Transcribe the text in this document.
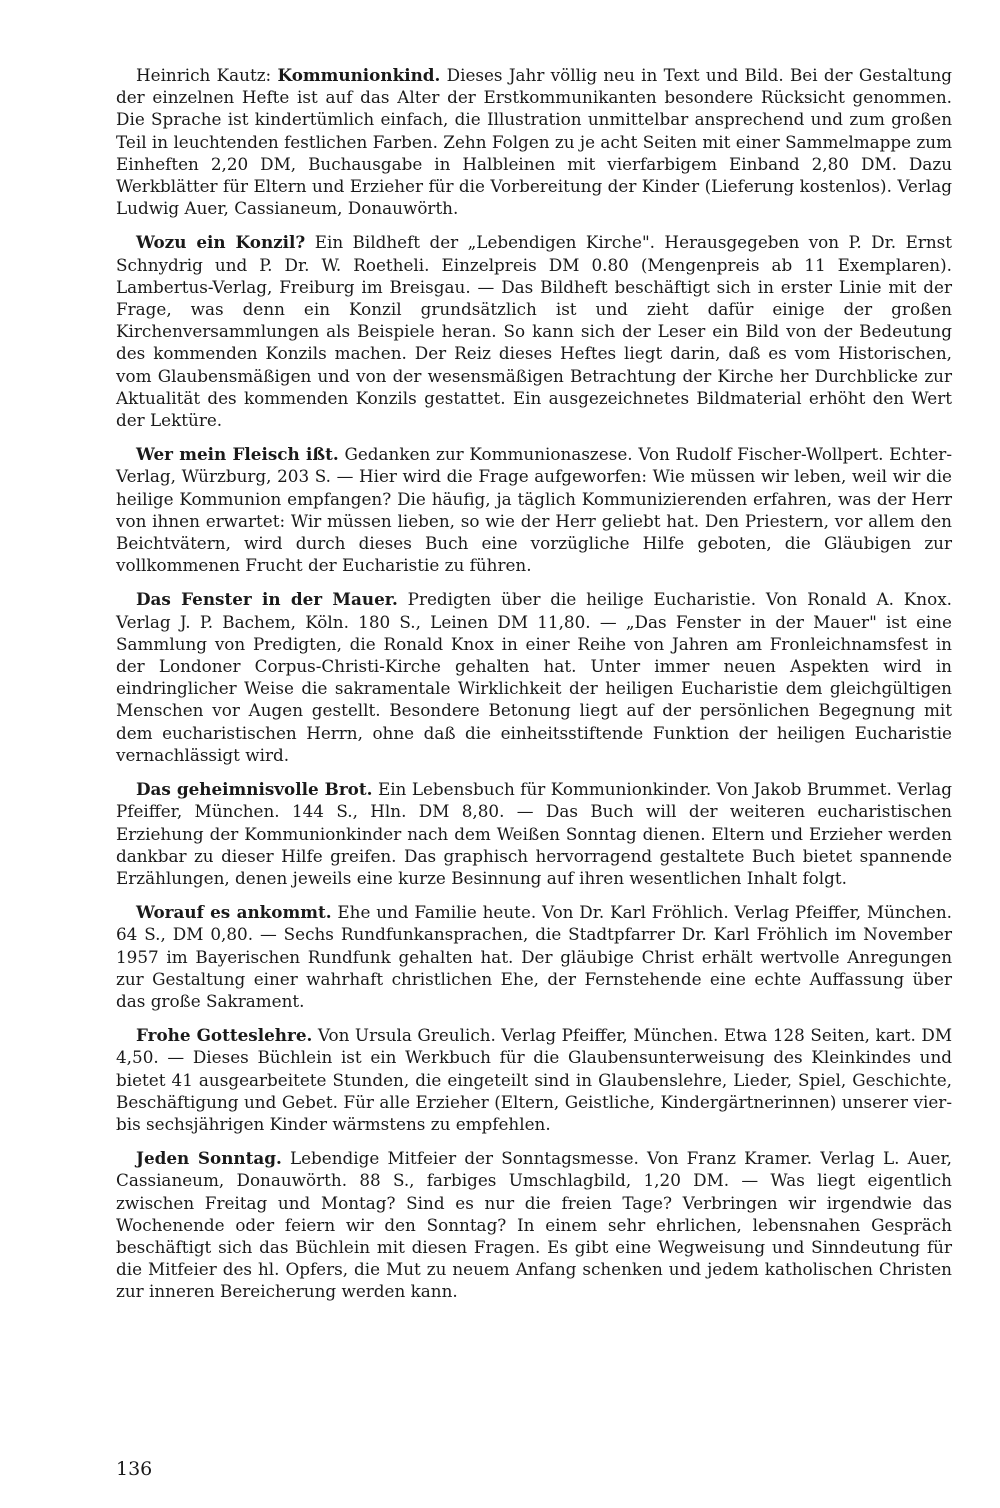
Heinrich Kautz: Kommunionkind. Dieses Jahr völlig neu in Text und Bild. Bei der Gestaltung der einzelnen Hefte ist auf das Alter der Erstkommunikanten besondere Rücksicht genommen. Die Sprache ist kindertümlich einfach, die Illustration unmittelbar ansprechend und zum großen Teil in leuchtenden festlichen Farben. Zehn Folgen zu je acht Seiten mit einer Sammelmappe zum Einheften 2,20 DM, Buchausgabe in Halbleinen mit vierfarbigem Einband 2,80 DM. Dazu Werkblätter für Eltern und Erzieher für die Vorbereitung der Kinder (Lieferung kostenlos). Verlag Ludwig Auer, Cassianeum, Donauwörth.

Wozu ein Konzil? Ein Bildheft der „Lebendigen Kirche". Herausgegeben von P. Dr. Ernst Schnydrig und P. Dr. W. Roetheli. Einzelpreis DM 0.80 (Mengenpreis ab 11 Exemplaren). Lambertus-Verlag, Freiburg im Breisgau. — Das Bildheft beschäftigt sich in erster Linie mit der Frage, was denn ein Konzil grundsätzlich ist und zieht dafür einige der großen Kirchenversammlungen als Beispiele heran. So kann sich der Leser ein Bild von der Bedeutung des kommenden Konzils machen. Der Reiz dieses Heftes liegt darin, daß es vom Historischen, vom Glaubensmäßigen und von der wesensmäßigen Betrachtung der Kirche her Durchblicke zur Aktualität des kommenden Konzils gestattet. Ein ausgezeichnetes Bildmaterial erhöht den Wert der Lektüre.

Wer mein Fleisch ißt. Gedanken zur Kommunionaszese. Von Rudolf Fischer-Wollpert. Echter-Verlag, Würzburg, 203 S. — Hier wird die Frage aufgeworfen: Wie müssen wir leben, weil wir die heilige Kommunion empfangen? Die häufig, ja täglich Kommunizierenden erfahren, was der Herr von ihnen erwartet: Wir müssen lieben, so wie der Herr geliebt hat. Den Priestern, vor allem den Beichtvätern, wird durch dieses Buch eine vorzügliche Hilfe geboten, die Gläubigen zur vollkommenen Frucht der Eucharistie zu führen.

Das Fenster in der Mauer. Predigten über die heilige Eucharistie. Von Ronald A. Knox. Verlag J. P. Bachem, Köln. 180 S., Leinen DM 11,80. — „Das Fenster in der Mauer" ist eine Sammlung von Predigten, die Ronald Knox in einer Reihe von Jahren am Fronleichnamsfest in der Londoner Corpus-Christi-Kirche gehalten hat. Unter immer neuen Aspekten wird in eindringlicher Weise die sakramentale Wirklichkeit der heiligen Eucharistie dem gleichgültigen Menschen vor Augen gestellt. Besondere Betonung liegt auf der persönlichen Begegnung mit dem eucharistischen Herrn, ohne daß die einheitsstiftende Funktion der heiligen Eucharistie vernachlässigt wird.

Das geheimnisvolle Brot. Ein Lebensbuch für Kommunionkinder. Von Jakob Brummet. Verlag Pfeiffer, München. 144 S., Hln. DM 8,80. — Das Buch will der weiteren eucharistischen Erziehung der Kommunionkinder nach dem Weißen Sonntag dienen. Eltern und Erzieher werden dankbar zu dieser Hilfe greifen. Das graphisch hervorragend gestaltete Buch bietet spannende Erzählungen, denen jeweils eine kurze Besinnung auf ihren wesentlichen Inhalt folgt.

Worauf es ankommt. Ehe und Familie heute. Von Dr. Karl Fröhlich. Verlag Pfeiffer, München. 64 S., DM 0,80. — Sechs Rundfunkansprachen, die Stadtpfarrer Dr. Karl Fröhlich im November 1957 im Bayerischen Rundfunk gehalten hat. Der gläubige Christ erhält wertvolle Anregungen zur Gestaltung einer wahrhaft christlichen Ehe, der Fernstehende eine echte Auffassung über das große Sakrament.

Frohe Gotteslehre. Von Ursula Greulich. Verlag Pfeiffer, München. Etwa 128 Seiten, kart. DM 4,50. — Dieses Büchlein ist ein Werkbuch für die Glaubensunterweisung des Kleinkindes und bietet 41 ausgearbeitete Stunden, die eingeteilt sind in Glaubenslehre, Lieder, Spiel, Geschichte, Beschäftigung und Gebet. Für alle Erzieher (Eltern, Geistliche, Kindergärtnerinnen) unserer vier- bis sechsjährigen Kinder wärmstens zu empfehlen.

Jeden Sonntag. Lebendige Mitfeier der Sonntagsmesse. Von Franz Kramer. Verlag L. Auer, Cassianeum, Donauwörth. 88 S., farbiges Umschlagbild, 1,20 DM. — Was liegt eigentlich zwischen Freitag und Montag? Sind es nur die freien Tage? Verbringen wir irgendwie das Wochenende oder feiern wir den Sonntag? In einem sehr ehrlichen, lebensnahen Gespräch beschäftigt sich das Büchlein mit diesen Fragen. Es gibt eine Wegweisung und Sinndeutung für die Mitfeier des hl. Opfers, die Mut zu neuem Anfang schenken und jedem katholischen Christen zur inneren Bereicherung werden kann.

136
